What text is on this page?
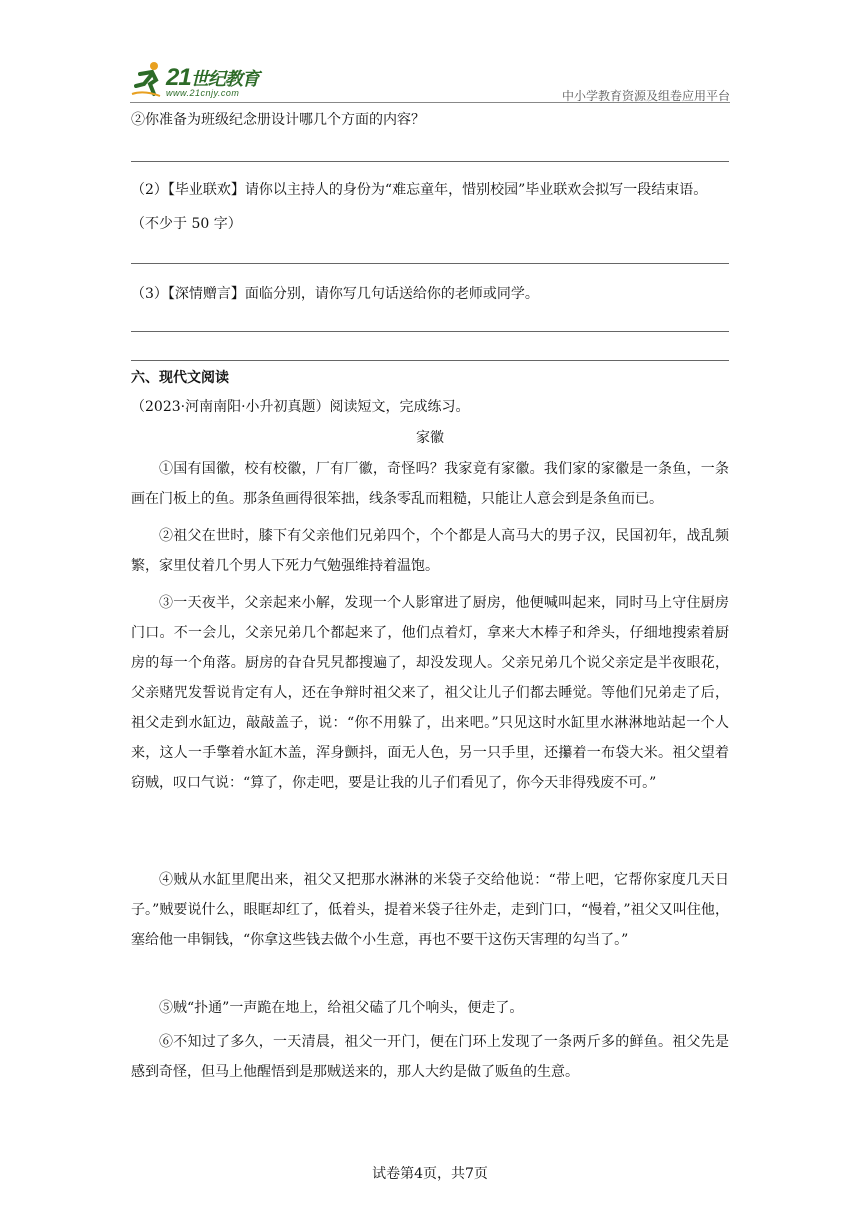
21世纪教育
www.21cnjy.com	中小学教育资源及组卷应用平台
②你准备为班级纪念册设计哪几个方面的内容？
（2）【毕业联欢】请你以主持人的身份为“难忘童年，惜别校园”毕业联欢会拟写一段结束语。
（不少于 50 字）
（3）【深情赠言】面临分别，请你写几句话送给你的老师或同学。
六、现代文阅读
（2023·河南南阳·小升初真题）阅读短文，完成练习。
家徽
①国有国徽，校有校徽，厂有厂徽，奇怪吗？我家竟有家徽。我们家的家徽是一条鱼，一条画在门板上的鱼。那条鱼画得很笨拙，线条零乱而粗糙，只能让人意会到是条鱼而已。
②祖父在世时，膝下有父亲他们兄弟四个，个个都是人高马大的男子汉，民国初年，战乱频繁，家里仗着几个男人下死力气勉强维持着温饱。
③一天夜半，父亲起来小解，发现一个人影窜进了厨房，他便喊叫起来，同时马上守住厨房门口。不一会儿，父亲兄弟几个都起来了，他们点着灯，拿来大木棒子和斧头，仔细地搜索着厨房的每一个角落。厨房的旮旮旯旯都搜遍了，却没发现人。父亲兄弟几个说父亲定是半夜眼花，父亲赌咒发誓说肯定有人，还在争辩时祖父来了，祖父让儿子们都去睡觉。等他们兄弟走了后，祖父走到水缸边，敲敲盖子，说：“你不用躲了，出来吧。”只见这时水缸里水淋淋地站起一个人来，这人一手擎着水缸木盖，浑身颤抖，面无人色，另一只手里，还攥着一布袋大米。祖父望着窃贼，叹口气说：“算了，你走吧，要是让我的儿子们看见了，你今天非得残废不可。”
④贼从水缸里爬出来，祖父又把那水淋淋的米袋子交给他说：“带上吧，它帮你家度几天日子。”贼要说什么，眼眶却红了，低着头，提着米袋子往外走，走到门口，“慢着，”祖父又叫住他，塞给他一串铜钱，“你拿这些钱去做个小生意，再也不要干这伤天害理的勾当了。”
⑤贼“扑通”一声跪在地上，给祖父磕了几个响头，便走了。
⑥不知过了多久，一天清晨，祖父一开门，便在门环上发现了一条两斤多的鲜鱼。祖父先是感到奇怪，但马上他醒悟到是那贼送来的，那人大约是做了贩鱼的生意。
试卷第4页，共7页
